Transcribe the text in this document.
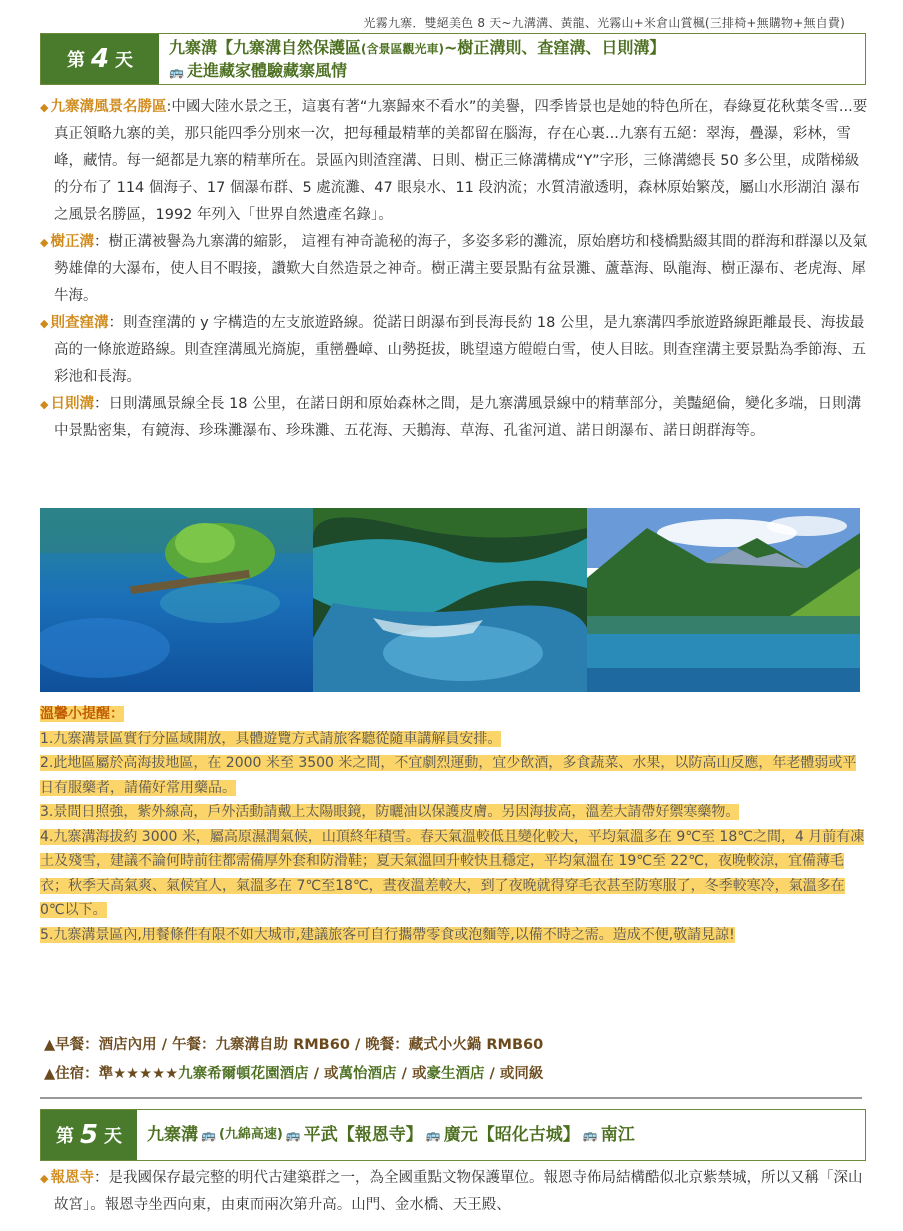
光霧九寨．雙絕美色 8 天~九溝溝、黃龍、光霧山+米倉山賞楓(三排椅+無購物+無自費)
第 4 天
九寨溝【九寨溝自然保護區(含景區觀光車)~樹正溝則、查窪溝、日則溝】
🚌 走進藏家體驗藏寨風情

◆ 九寨溝風景名勝區:中國大陸水景之王，這裏有著“九寨歸來不看水”的美譽，四季皆景也是她的特色所在，春綠夏花秋葉冬雪...要真正領略九寨的美，那只能四季分別來一次，把每種最精華的美都留在腦海，存在心裏...九寨有五絕：翠海，疊瀑，彩林，雪峰，藏情。每一絕都是九寨的精華所在。景區內則渣窪溝、日則、樹正三條溝構成“Y”字形，三條溝總長 50 多公里，成階梯級的分布了 114 個海子、17 個瀑布群、5 處流灘、47 眼泉水、11 段汭流；水質清澈透明，森林原始繁茂，屬山水形湖泊 瀑布之風景名勝區，1992 年列入「世界自然遺產名錄」。

◆ 樹正溝：樹正溝被譽為九寨溝的縮影， 這裡有神奇詭秘的海子，多姿多彩的灘流，原始磨坊和棧橋點綴其間的群海和群瀑以及氣勢雄偉的大瀑布，使人目不暇接，讚歎大自然造景之神奇。樹正溝主要景點有盆景灘、蘆葦海、臥龍海、樹正瀑布、老虎海、犀牛海。

◆ 則查窪溝：則查窪溝的 y 字構造的左支旅遊路線。從諾日朗瀑布到長海長約 18 公里，是九寨溝四季旅遊路線距離最長、海拔最高的一條旅遊路線。則查窪溝風光旖旎，重巒疊嶂、山勢挺拔，眺望遠方皚皚白雪，使人目眩。則查窪溝主要景點為季節海、五彩池和長海。

◆ 日則溝：日則溝風景線全長 18 公里，在諾日朗和原始森林之間，是九寨溝風景線中的精華部分，美豔絕倫，變化多端，日則溝中景點密集，有鏡海、珍珠灘瀑布、珍珠灘、五花海、天鵝海、草海、孔雀河道、諾日朗瀑布、諾日朗群海等。

溫馨小提醒：
1.九寨溝景區實行分區域開放，具體遊覽方式請旅客聽從隨車講解員安排。
2.此地區屬於高海拔地區，在 2000 米至 3500 米之間，不宜劇烈運動，宜少飲酒，多食蔬菜、水果，以防高山反應，年老體弱或平日有服藥者，請備好常用藥品。
3.景間日照強，紫外線高，戶外活動請戴上太陽眼鏡，防曬油以保護皮膚。另因海拔高，溫差大請帶好禦寒藥物。
4.九寨溝海拔約 3000 米，屬高原濕潤氣候，山頂終年積雪。春天氣溫較低且變化較大，平均氣溫多在 9℃至 18℃之間，4 月前有凍土及殘雪，建議不論何時前往都需備厚外套和防滑鞋；夏天氣溫回升較快且穩定，平均氣溫在 19℃至 22℃，夜晚較涼，宜備薄毛衣；秋季天高氣爽、氣候宜人，氣溫多在 7℃至18℃，晝夜溫差較大，到了夜晚就得穿毛衣甚至防寒服了，冬季較寒冷，氣溫多在 0℃以下。
5.九寨溝景區內,用餐條件有限不如大城市,建議旅客可自行攜帶零食或泡麵等,以備不時之需。造成不便,敬請見諒!
▲早餐：酒店內用 / 午餐：九寨溝自助 RMB60 / 晚餐：藏式小火鍋 RMB60
▲住宿：準★★★★★九寨希爾頓花園酒店 / 或萬怡酒店 / 或豪生酒店 / 或同級
第 5 天 九寨溝 🚌 (九綿高速) 🚌 平武【報恩寺】 🚌 廣元【昭化古城】 🚌 南江

◆ 報恩寺：是我國保存最完整的明代古建築群之一，為全國重點文物保護單位。報恩寺佈局結構酷似北京紫禁城，所以又稱「深山故宮」。報恩寺坐西向東，由東而兩次第升高。山門、金水橋、天王殿、
